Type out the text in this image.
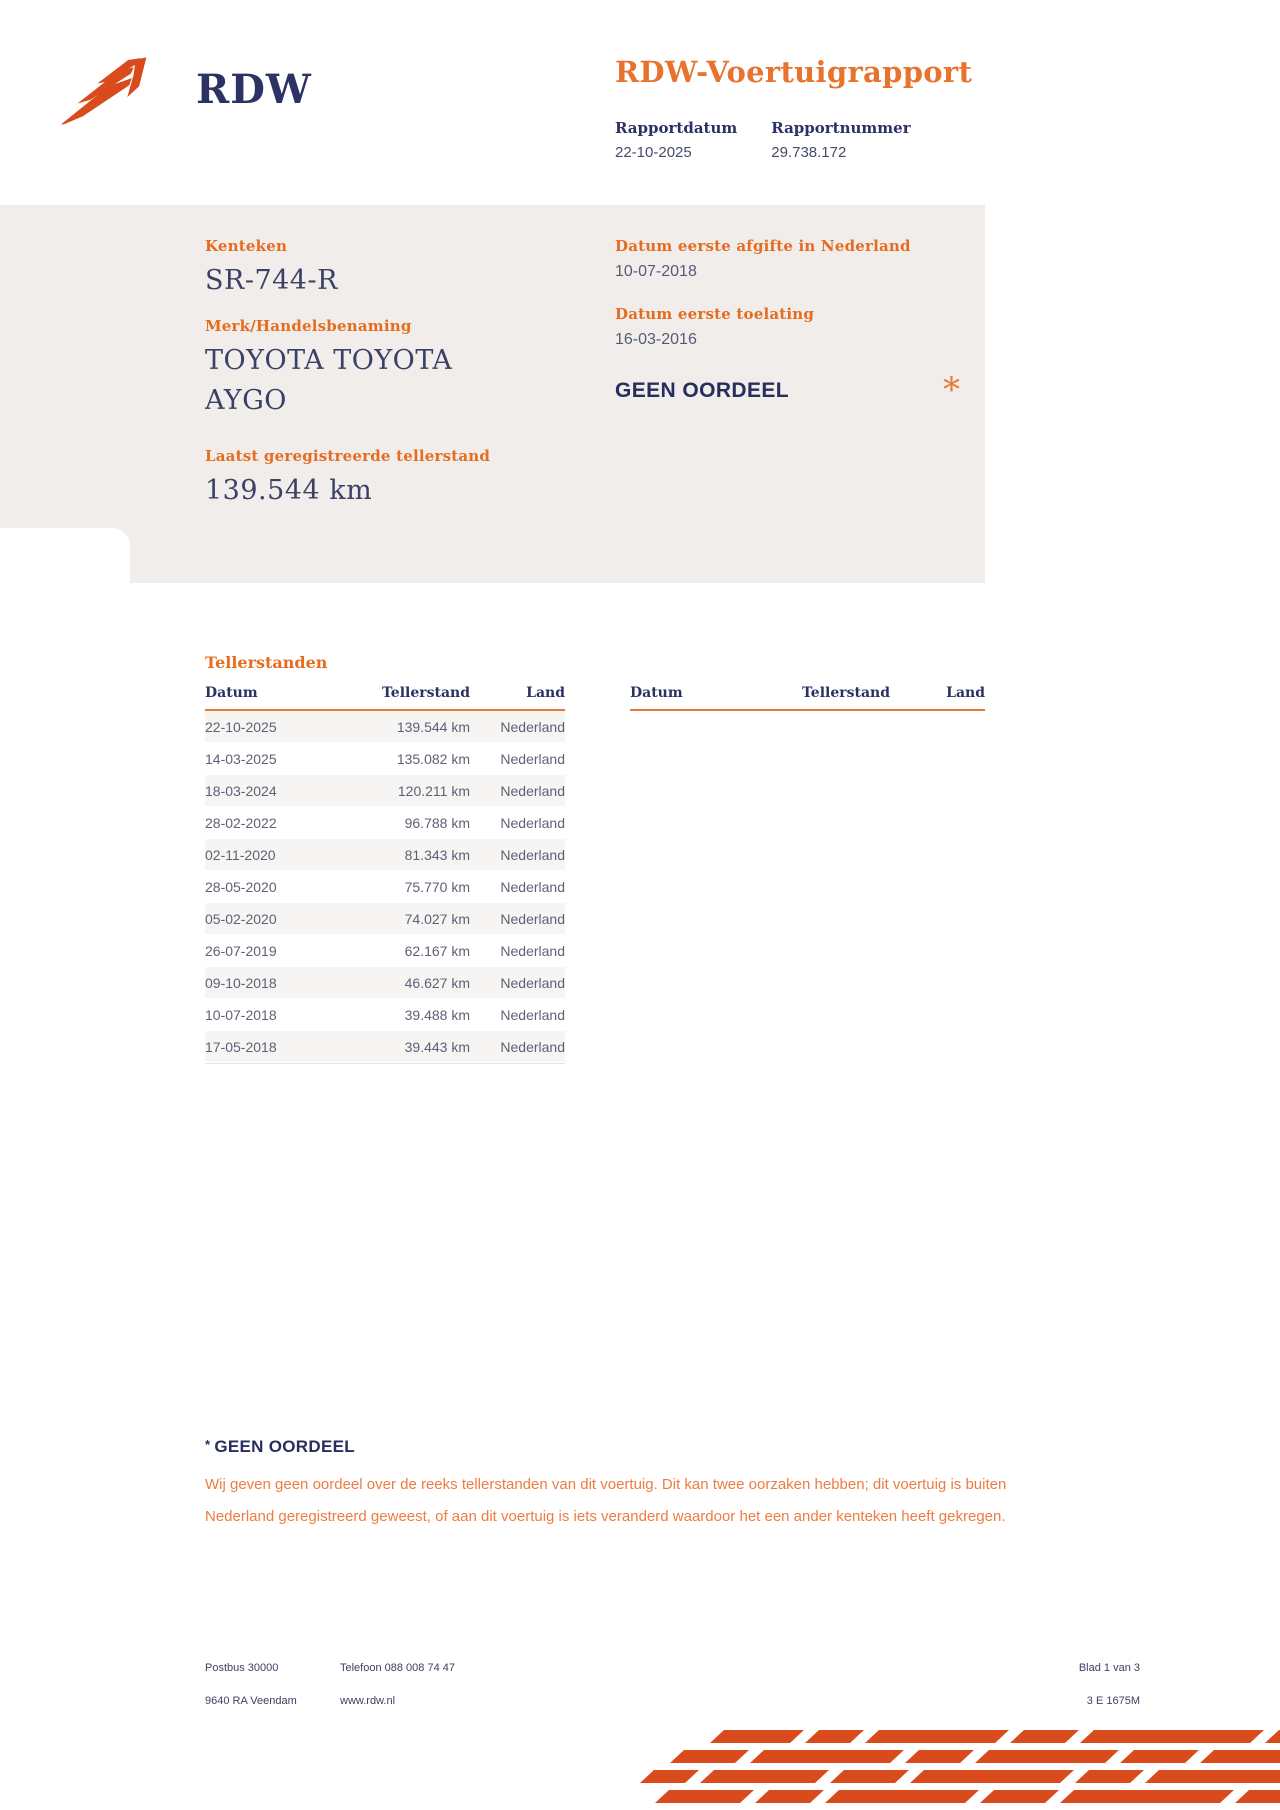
RDW	RDW-Voertuigrapport
Rapportdatum
22-10-2025
Rapportnummer
29.738.172
Kenteken
SR-744-R
Merk/Handelsbenaming
TOYOTA TOYOTA AYGO
Laatst geregistreerde tellerstand
139.544 km
Datum eerste afgifte in Nederland
10-07-2018
Datum eerste toelating
16-03-2016
GEEN OORDEEL	*
Tellerstanden
Datum	Tellerstand	Land
22-10-2025	139.544 km	Nederland
14-03-2025	135.082 km	Nederland
18-03-2024	120.211 km	Nederland
28-02-2022	96.788 km	Nederland
02-11-2020	81.343 km	Nederland
28-05-2020	75.770 km	Nederland
05-02-2020	74.027 km	Nederland
26-07-2019	62.167 km	Nederland
09-10-2018	46.627 km	Nederland
10-07-2018	39.488 km	Nederland
17-05-2018	39.443 km	Nederland
Datum	Tellerstand	Land
* GEEN OORDEEL
Wij geven geen oordeel over de reeks tellerstanden van dit voertuig. Dit kan twee oorzaken hebben; dit voertuig is buiten Nederland geregistreerd geweest, of aan dit voertuig is iets veranderd waardoor het een ander kenteken heeft gekregen.
Postbus 30000
9640 RA Veendam
Telefoon 088 008 74 47
www.rdw.nl
Blad 1 van 3
3 E 1675M
